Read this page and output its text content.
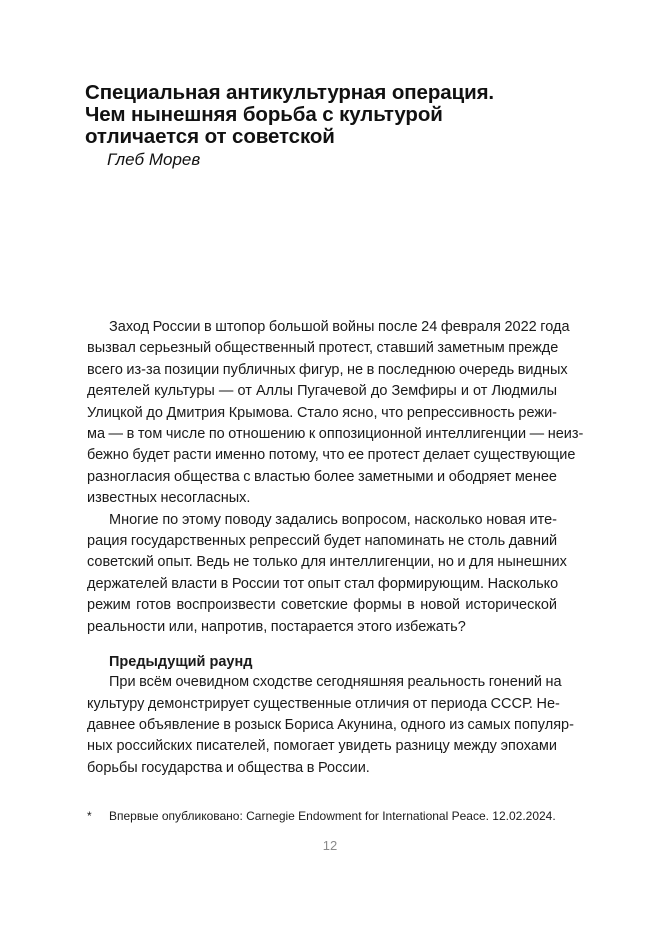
Специальная антикультурная операция.
Чем нынешняя борьба с культурой
отличается от советской
Глеб Морев
Заход России в штопор большой войны после 24 февраля 2022 года
вызвал серьезный общественный протест, ставший заметным прежде
всего из-за позиции публичных фигур, не в последнюю очередь видных
деятелей культуры — от Аллы Пугачевой до Земфиры и от Людмилы
Улицкой до Дмитрия Крымова. Стало ясно, что репрессивность режи-
ма — в том числе по отношению к оппозиционной интеллигенции — неиз-
бежно будет расти именно потому, что ее протест делает существующие
разногласия общества с властью более заметными и ободряет менее
известных несогласных.
Многие по этому поводу задались вопросом, насколько новая ите-
рация государственных репрессий будет напоминать не столь давний
советский опыт. Ведь не только для интеллигенции, но и для нынешних
держателей власти в России тот опыт стал формирующим. Насколько
режим готов воспроизвести советские формы в новой исторической
реальности или, напротив, постарается этого избежать?
Предыдущий раунд
При всём очевидном сходстве сегодняшняя реальность гонений на
культуру демонстрирует существенные отличия от периода СССР. Не-
давнее объявление в розыск Бориса Акунина, одного из самых популяр-
ных российских писателей, помогает увидеть разницу между эпохами
борьбы государства и общества в России.
* Впервые опубликовано: Carnegie Endowment for International Peace. 12.02.2024.
12
